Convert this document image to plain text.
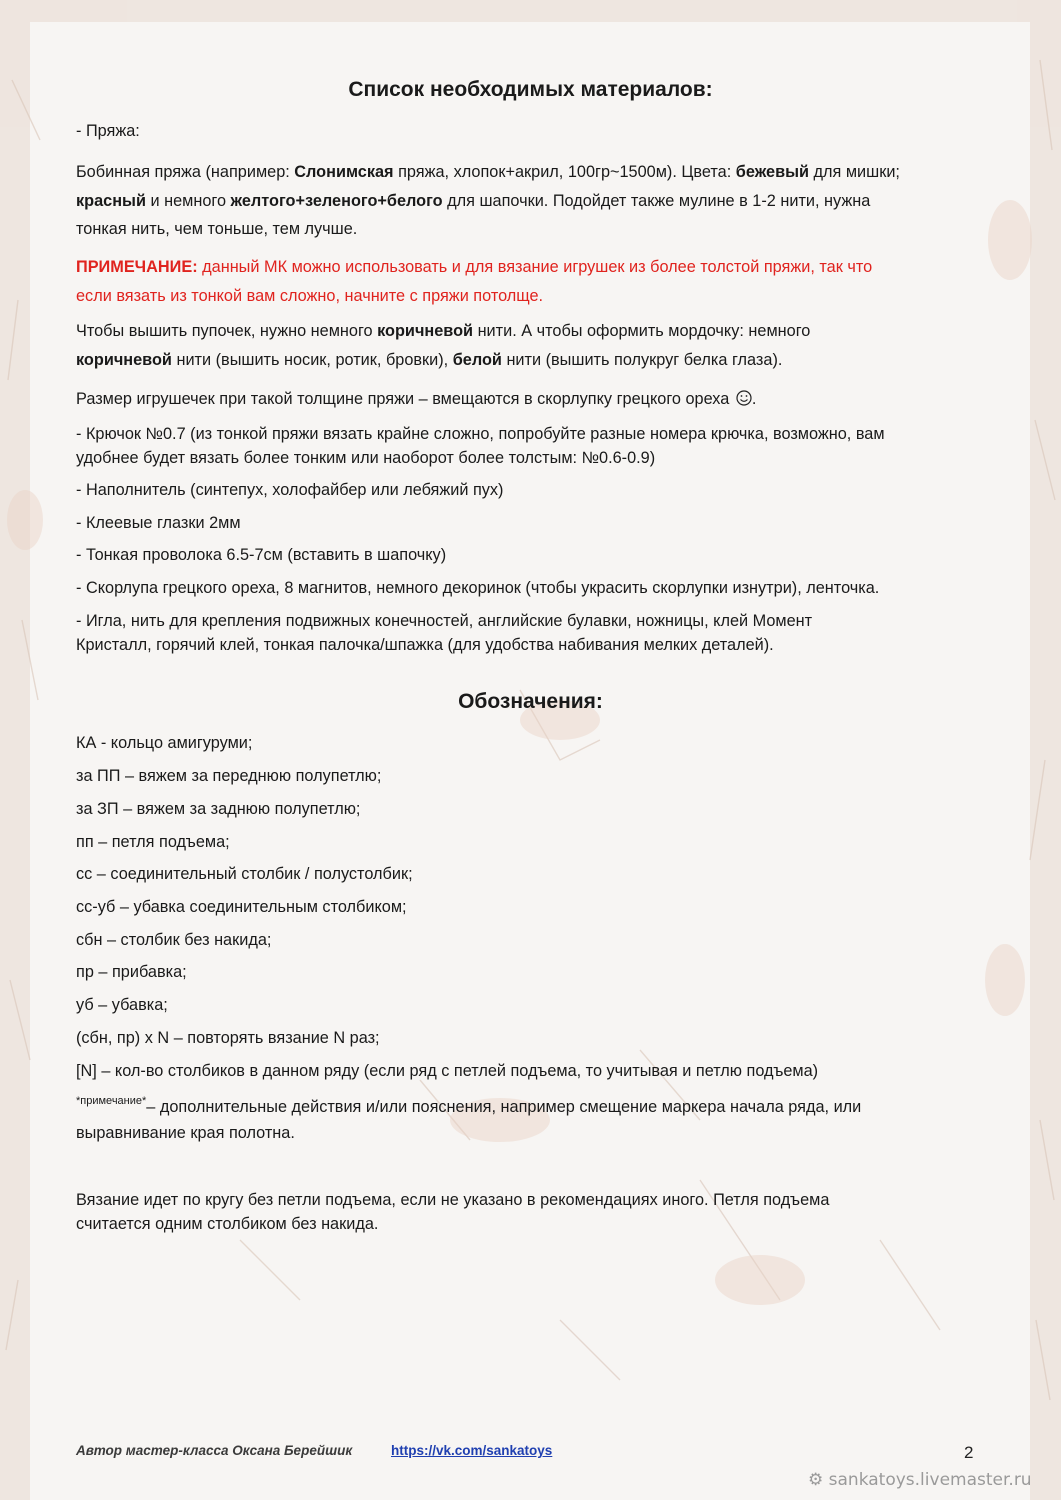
Список необходимых материалов:
- Пряжа:
Бобинная пряжа (например: Слонимская пряжа, хлопок+акрил, 100гр~1500м). Цвета: бежевый для мишки;
красный и немного желтого+зеленого+белого для шапочки. Подойдет также мулине в 1-2 нити, нужна
тонкая нить, чем тоньше, тем лучше.
ПРИМЕЧАНИЕ: данный МК можно использовать и для вязание игрушек из более толстой пряжи, так что
если вязать из тонкой вам сложно, начните с пряжи потолще.
Чтобы вышить пупочек, нужно немного коричневой нити. А чтобы оформить мордочку: немного
коричневой нити (вышить носик, ротик, бровки), белой нити (вышить полукруг белка глаза).
Размер игрушечек при такой толщине пряжи – вмещаются в скорлупку грецкого ореха .
- Крючок №0.7 (из тонкой пряжи вязать крайне сложно, попробуйте разные номера крючка, возможно, вам
удобнее будет вязать более тонким или наоборот более толстым: №0.6-0.9)
- Наполнитель (синтепух, холофайбер или лебяжий пух)
- Клеевые глазки 2мм
- Тонкая проволока 6.5-7см (вставить в шапочку)
- Скорлупа грецкого ореха, 8 магнитов, немного декоринок (чтобы украсить скорлупки изнутри), ленточка.
- Игла, нить для крепления подвижных конечностей, английские булавки, ножницы, клей Момент
Кристалл, горячий клей, тонкая палочка/шпажка (для удобства набивания мелких деталей).
Обозначения:
КА - кольцо амигуруми;
за ПП – вяжем за переднюю полупетлю;
за ЗП – вяжем за заднюю полупетлю;
пп – петля подъема;
сс – соединительный столбик / полустолбик;
сс-уб – убавка соединительным столбиком;
сбн – столбик без накида;
пр – прибавка;
уб – убавка;
(сбн, пр) х N – повторять вязание N раз;
[N] – кол-во столбиков в данном ряду (если ряд с петлей подъема, то учитывая и петлю подъема)
$^{*примечание*}$– дополнительные действия и/или пояснения, например смещение маркера начала ряда, или
выравнивание края полотна.
Вязание идет по кругу без петли подъема, если не указано в рекомендациях иного. Петля подъема
считается одним столбиком без накида.
Автор мастер-класса Оксана Берейшик	https://vk.com/sankatoys	2
⚙ sankatoys.livemaster.ru
